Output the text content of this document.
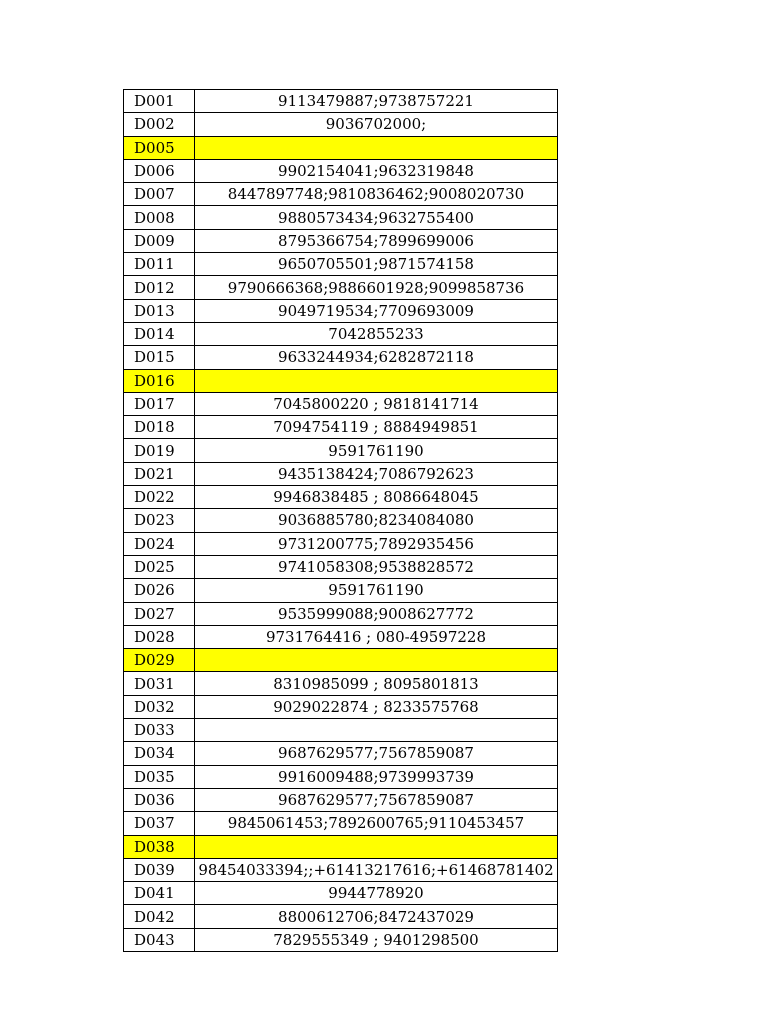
D001	9113479887;9738757221
D002	9036702000;
D005	
D006	9902154041;9632319848
D007	8447897748;9810836462;9008020730
D008	9880573434;9632755400
D009	8795366754;7899699006
D011	9650705501;9871574158
D012	9790666368;9886601928;9099858736
D013	9049719534;7709693009
D014	7042855233
D015	9633244934;6282872118
D016	
D017	7045800220 ; 9818141714
D018	7094754119 ; 8884949851
D019	9591761190
D021	9435138424;7086792623
D022	9946838485 ; 8086648045
D023	9036885780;8234084080
D024	9731200775;7892935456
D025	9741058308;9538828572
D026	9591761190
D027	9535999088;9008627772
D028	9731764416 ; 080-49597228
D029	
D031	8310985099 ; 8095801813
D032	9029022874 ; 8233575768
D033	
D034	9687629577;7567859087
D035	9916009488;9739993739
D036	9687629577;7567859087
D037	9845061453;7892600765;9110453457
D038	
D039	98454033394;;+61413217616;+61468781402
D041	9944778920
D042	8800612706;8472437029
D043	7829555349 ; 9401298500
